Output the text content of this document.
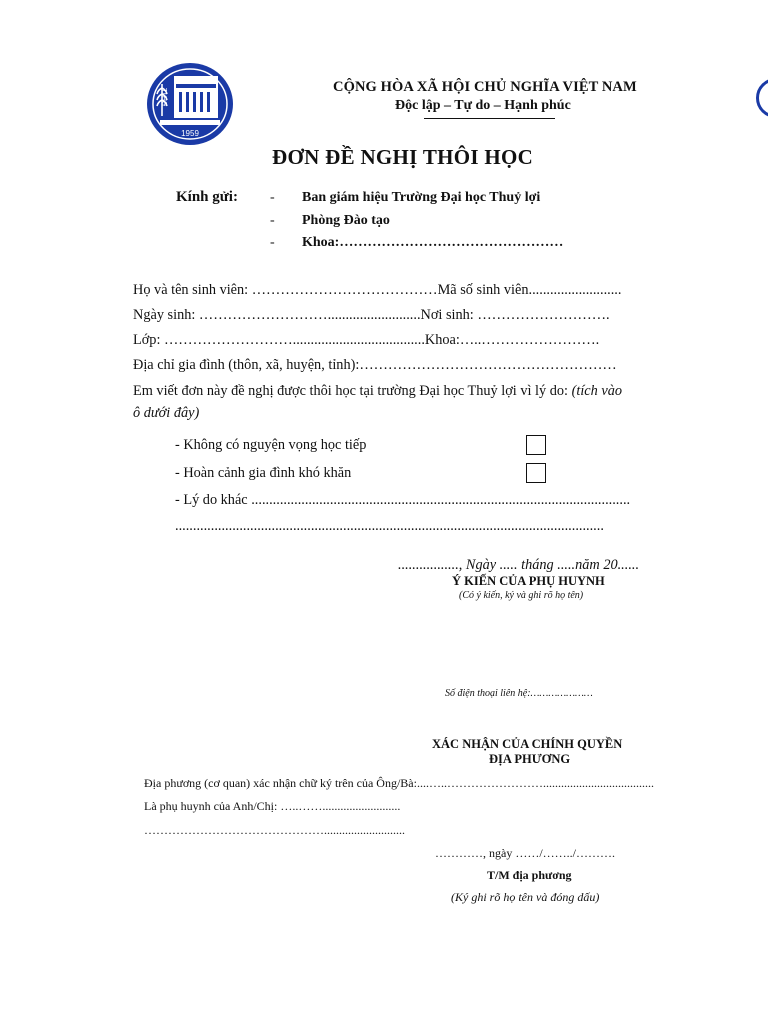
ĐHTL
1959
CỘNG HÒA XÃ HỘI CHỦ NGHĨA VIỆT NAM
Độc lập – Tự do – Hạnh phúc
ĐƠN ĐỀ NGHỊ THÔI HỌC
Kính gửi: -
-
-
Ban giám hiệu Trường Đại học Thuỷ lợi
Phòng Đào tạo
Khoa:…………………………………………
Họ và tên sinh viên: …………………………………Mã số sinh viên..........................
Ngày sinh: ………………………..........................Nơi sinh: ……………………….
Lớp: ……………………….....................................Khoa:…..…………………….
Địa chỉ gia đình (thôn, xã, huyện, tỉnh):………………………………………………
Em viết đơn này đề nghị được thôi học tại trường Đại học Thuỷ lợi vì lý do: (tích vào
ô dưới đây)
- Không có nguyện vọng học tiếp
- Hoàn cảnh gia đình khó khăn
- Lý do khác ..........................................................................................................
........................................................................................................................
................., Ngày ..... tháng .....năm 20......
Ý KIẾN CỦA PHỤ HUYNH
(Có ý kiến, ký và ghi rõ họ tên)
Số điện thoại liên hệ:…………………
XÁC NHẬN CỦA CHÍNH QUYỀN
ĐỊA PHƯƠNG
Địa phương (cơ quan) xác nhận chữ ký trên của Ông/Bà:....…..…………………….....................................
Là phụ huynh của Anh/Chị: …..……..........................
………………………………………...........................
…………, ngày ……/……../……….
T/M địa phương
(Ký ghi rõ họ tên và đóng dấu)
